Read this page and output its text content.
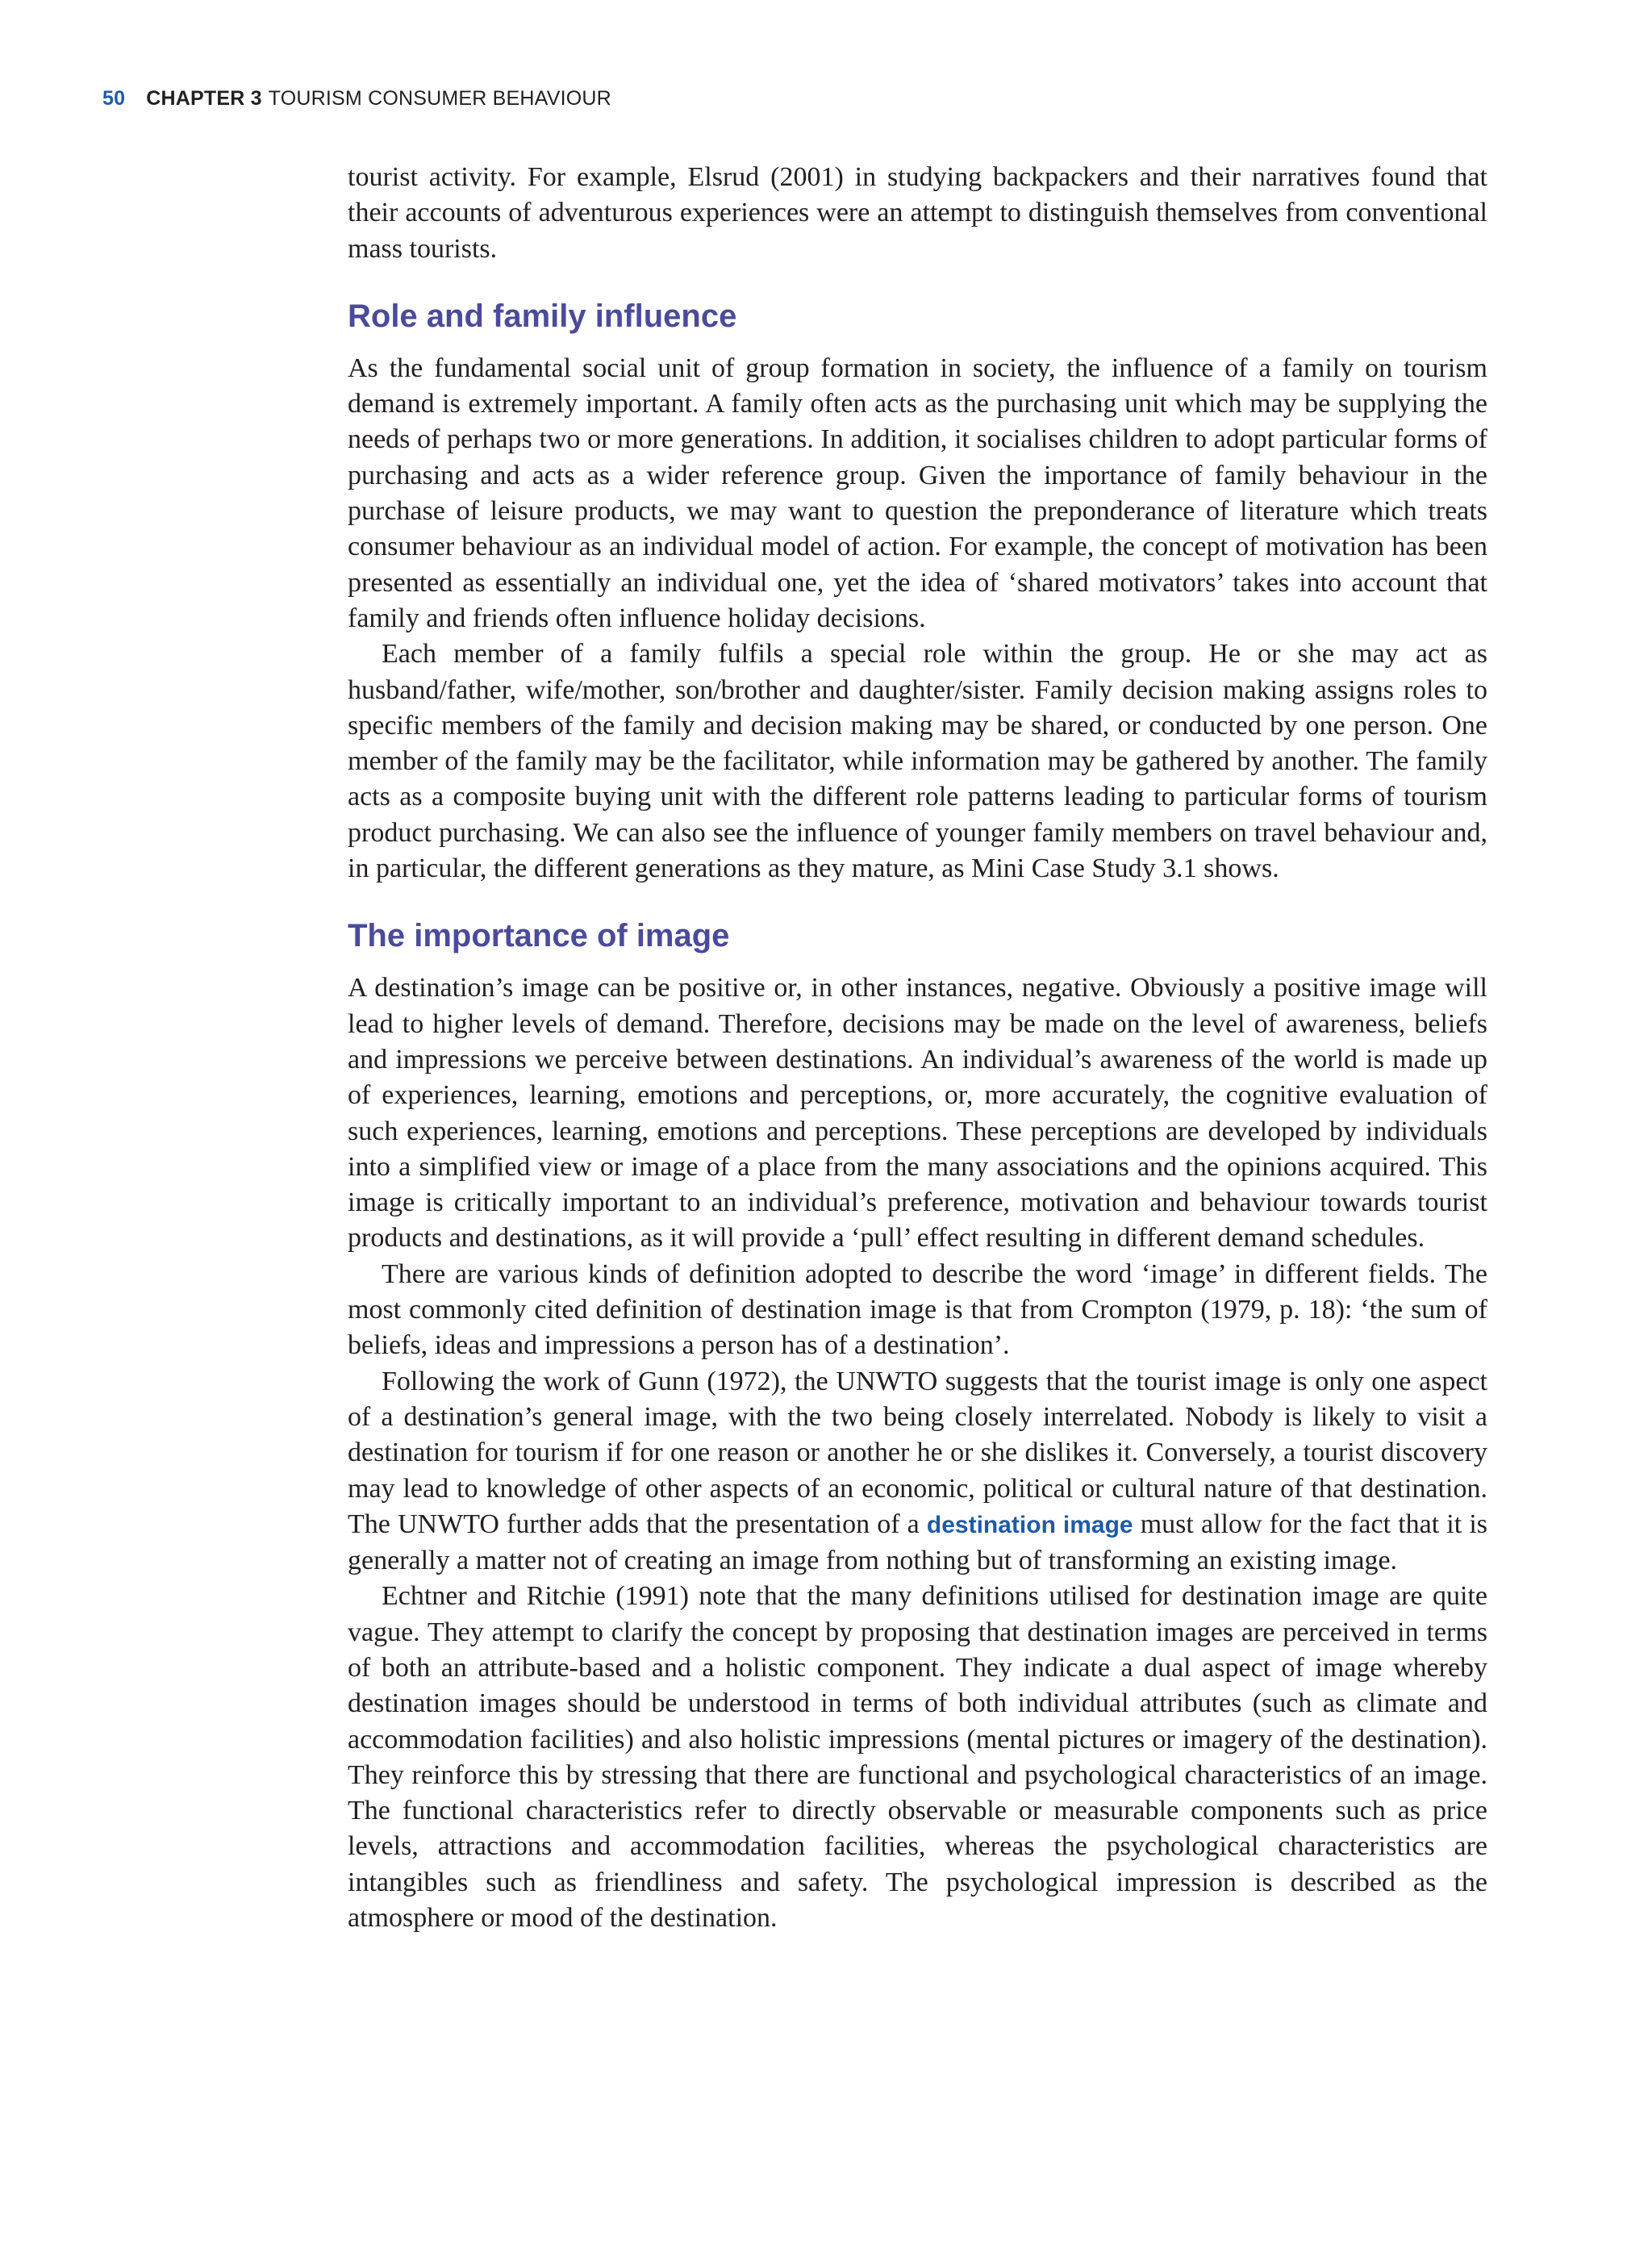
50 CHAPTER 3 TOURISM CONSUMER BEHAVIOUR

tourist activity. For example, Elsrud (2001) in studying backpackers and their narratives found that their accounts of adventurous experiences were an attempt to distinguish themselves from conventional mass tourists.

Role and family influence

As the fundamental social unit of group formation in society, the influence of a family on tourism demand is extremely important. A family often acts as the purchasing unit which may be supplying the needs of perhaps two or more generations. In addition, it socialises children to adopt particular forms of purchasing and acts as a wider reference group. Given the importance of family behaviour in the purchase of leisure products, we may want to question the preponderance of literature which treats consumer behaviour as an individual model of action. For example, the concept of motivation has been presented as essentially an individual one, yet the idea of ‘shared motivators’ takes into account that family and friends often influence holiday decisions.

Each member of a family fulfils a special role within the group. He or she may act as husband/father, wife/mother, son/brother and daughter/sister. Family decision making assigns roles to specific members of the family and decision making may be shared, or conducted by one person. One member of the family may be the facilitator, while information may be gathered by another. The family acts as a composite buying unit with the different role patterns leading to particular forms of tourism product purchasing. We can also see the influence of younger family members on travel behaviour and, in particular, the different generations as they mature, as Mini Case Study 3.1 shows.

The importance of image

A destination’s image can be positive or, in other instances, negative. Obviously a positive image will lead to higher levels of demand. Therefore, decisions may be made on the level of awareness, beliefs and impressions we perceive between destinations. An individual’s awareness of the world is made up of experiences, learning, emotions and perceptions, or, more accurately, the cognitive evaluation of such experiences, learning, emotions and perceptions. These perceptions are developed by individuals into a simplified view or image of a place from the many associations and the opinions acquired. This image is critically important to an individual’s preference, motivation and behaviour towards tourist products and destinations, as it will provide a ‘pull’ effect resulting in different demand schedules.

There are various kinds of definition adopted to describe the word ‘image’ in different fields. The most commonly cited definition of destination image is that from Crompton (1979, p. 18): ‘the sum of beliefs, ideas and impressions a person has of a destination’.

Following the work of Gunn (1972), the UNWTO suggests that the tourist image is only one aspect of a destination’s general image, with the two being closely interrelated. Nobody is likely to visit a destination for tourism if for one reason or another he or she dislikes it. Conversely, a tourist discovery may lead to knowledge of other aspects of an economic, political or cultural nature of that destination. The UNWTO further adds that the presentation of a destination image must allow for the fact that it is generally a matter not of creating an image from nothing but of transforming an existing image.

Echtner and Ritchie (1991) note that the many definitions utilised for destination image are quite vague. They attempt to clarify the concept by proposing that destination images are perceived in terms of both an attribute-based and a holistic component. They indicate a dual aspect of image whereby destination images should be understood in terms of both individual attributes (such as climate and accommodation facilities) and also holistic impressions (mental pictures or imagery of the destination). They reinforce this by stressing that there are functional and psychological characteristics of an image. The functional characteristics refer to directly observable or measurable components such as price levels, attractions and accommodation facilities, whereas the psychological characteristics are intangibles such as friendliness and safety. The psychological impression is described as the atmosphere or mood of the destination.
